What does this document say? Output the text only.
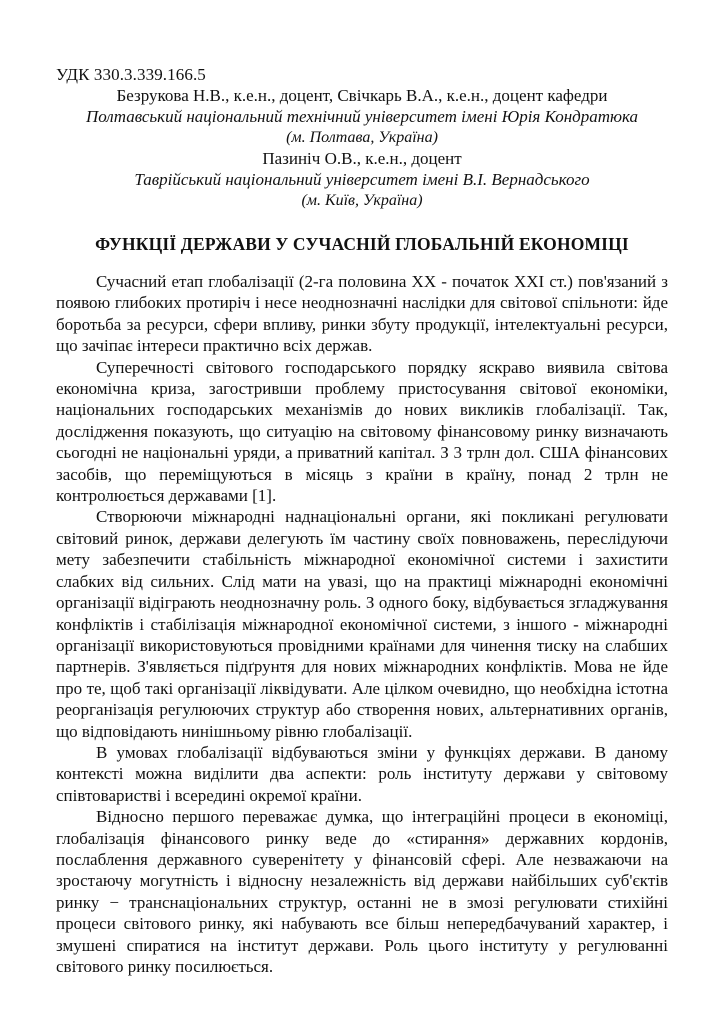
УДК 330.3.339.166.5
Безрукова Н.В., к.е.н., доцент, Свічкарь В.А., к.е.н., доцент кафедри
Полтавський національний технічний університет імені Юрія Кондратюка
(м. Полтава, Україна)
Пазиніч О.В., к.е.н., доцент
Таврійський національний університет імені В.І. Вернадського
(м. Київ, Україна)
ФУНКЦІЇ ДЕРЖАВИ У СУЧАСНІЙ ГЛОБАЛЬНІЙ ЕКОНОМІЦІ

Сучасний етап глобалізації (2-га половина XX - початок XXI ст.) пов'язаний з появою глибоких протиріч і несе неоднозначні наслідки для світової спільноти: йде боротьба за ресурси, сфери впливу, ринки збуту продукції, інтелектуальні ресурси, що зачіпає інтереси практично всіх держав.

Суперечності світового господарського порядку яскраво виявила світова економічна криза, загостривши проблему пристосування світової економіки, національних господарських механізмів до нових викликів глобалізації. Так, дослідження показують, що ситуацію на світовому фінансовому ринку визначають сьогодні не національні уряди, а приватний капітал. З 3 трлн дол. США фінансових засобів, що переміщуються в місяць з країни в країну, понад 2 трлн не контролюється державами [1].

Створюючи міжнародні наднаціональні органи, які покликані регулювати світовий ринок, держави делегують їм частину своїх повноважень, переслідуючи мету забезпечити стабільність міжнародної економічної системи і захистити слабких від сильних. Слід мати на увазі, що на практиці міжнародні економічні організації відіграють неоднозначну роль. З одного боку, відбувається згладжування конфліктів і стабілізація міжнародної економічної системи, з іншого - міжнародні організації використовуються провідними країнами для чинення тиску на слабших партнерів. З'являється підґрунтя для нових міжнародних конфліктів. Мова не йде про те, щоб такі організації ліквідувати. Але цілком очевидно, що необхідна істотна реорганізація регулюючих структур або створення нових, альтернативних органів, що відповідають нинішньому рівню глобалізації.

В умовах глобалізації відбуваються зміни у функціях держави. В даному контексті можна виділити два аспекти: роль інституту держави у світовому співтоваристві і всередині окремої країни.

Відносно першого переважає думка, що інтеграційні процеси в економіці, глобалізація фінансового ринку веде до «стирання» державних кордонів, послаблення державного суверенітету у фінансовій сфері. Але незважаючи на зростаючу могутність і відносну незалежність від держави найбільших суб'єктів ринку − транснаціональних структур, останні не в змозі регулювати стихійні процеси світового ринку, які набувають все більш непередбачуваний характер, і змушені спиратися на інститут держави. Роль цього інституту у регулюванні світового ринку посилюється.
